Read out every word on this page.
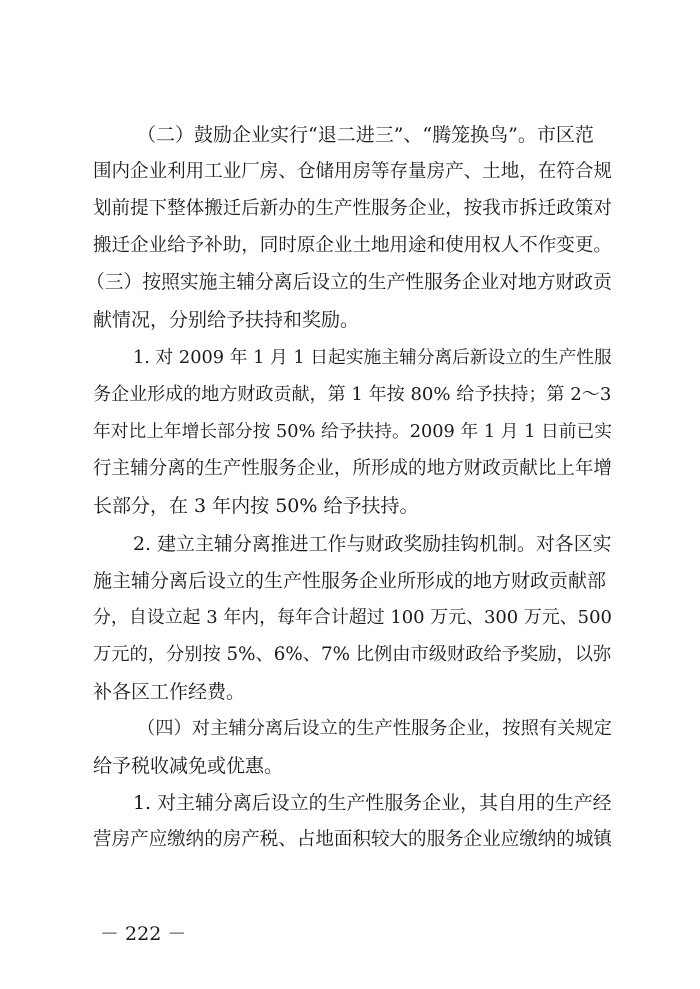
（二）鼓励企业实行“退二进三”、“腾笼换鸟”。市区范
围内企业利用工业厂房、仓储用房等存量房产、土地，在符合规
划前提下整体搬迁后新办的生产性服务企业，按我市拆迁政策对
搬迁企业给予补助，同时原企业土地用途和使用权人不作变更。
（三）按照实施主辅分离后设立的生产性服务企业对地方财政贡
献情况，分别给予扶持和奖励。
1. 对 2009 年 1 月 1 日起实施主辅分离后新设立的生产性服
务企业形成的地方财政贡献，第 1 年按 80% 给予扶持；第 2～3
年对比上年增长部分按 50% 给予扶持。2009 年 1 月 1 日前已实
行主辅分离的生产性服务企业，所形成的地方财政贡献比上年增
长部分，在 3 年内按 50% 给予扶持。
2. 建立主辅分离推进工作与财政奖励挂钩机制。对各区实
施主辅分离后设立的生产性服务企业所形成的地方财政贡献部
分，自设立起 3 年内，每年合计超过 100 万元、300 万元、500
万元的，分别按 5%、6%、7% 比例由市级财政给予奖励，以弥
补各区工作经费。
（四）对主辅分离后设立的生产性服务企业，按照有关规定
给予税收减免或优惠。
1. 对主辅分离后设立的生产性服务企业，其自用的生产经
营房产应缴纳的房产税、占地面积较大的服务企业应缴纳的城镇
－ 222 －
